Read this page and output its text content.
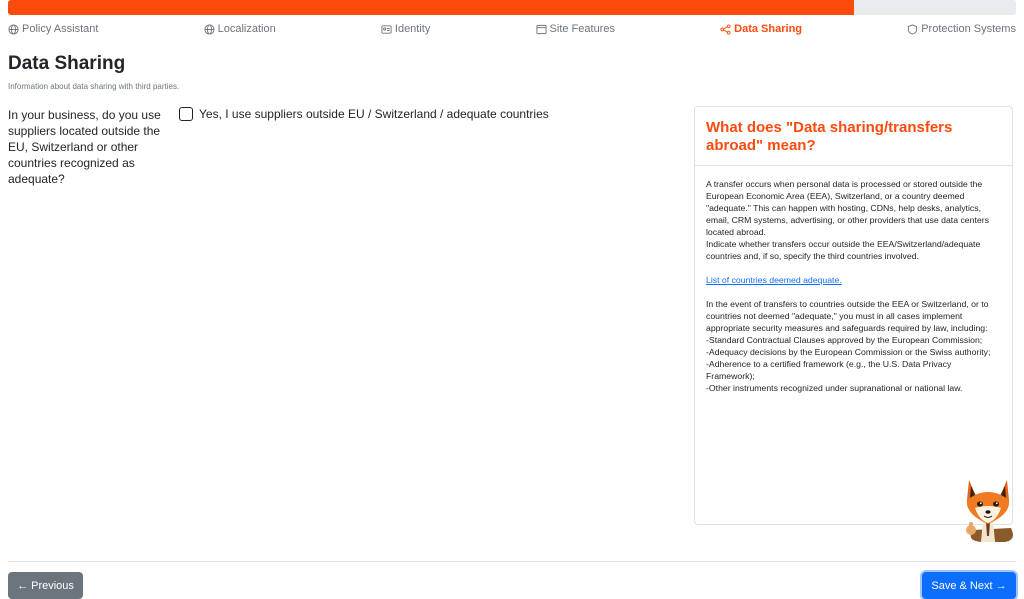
Policy Assistant	Localization	Identity	Site Features	Data Sharing	Protection Systems
Data Sharing
Information about data sharing with third parties.
In your business, do you use suppliers located outside the EU, Switzerland or other countries recognized as adequate?
Yes, I use suppliers outside EU / Switzerland / adequate countries
What does "Data sharing/transfers abroad" mean?

A transfer occurs when personal data is processed or stored outside the European Economic Area (EEA), Switzerland, or a country deemed "adequate." This can happen with hosting, CDNs, help desks, analytics, email, CRM systems, advertising, or other providers that use data centers located abroad.
Indicate whether transfers occur outside the EEA/Switzerland/adequate countries and, if so, specify the third countries involved.

List of countries deemed adequate.

In the event of transfers to countries outside the EEA or Switzerland, or to countries not deemed "adequate," you must in all cases implement appropriate security measures and safeguards required by law, including:
-Standard Contractual Clauses approved by the European Commission;
-Adequacy decisions by the European Commission or the Swiss authority;
-Adherence to a certified framework (e.g., the U.S. Data Privacy Framework);
-Other instruments recognized under supranational or national law.

← Previous	Save & Next →
